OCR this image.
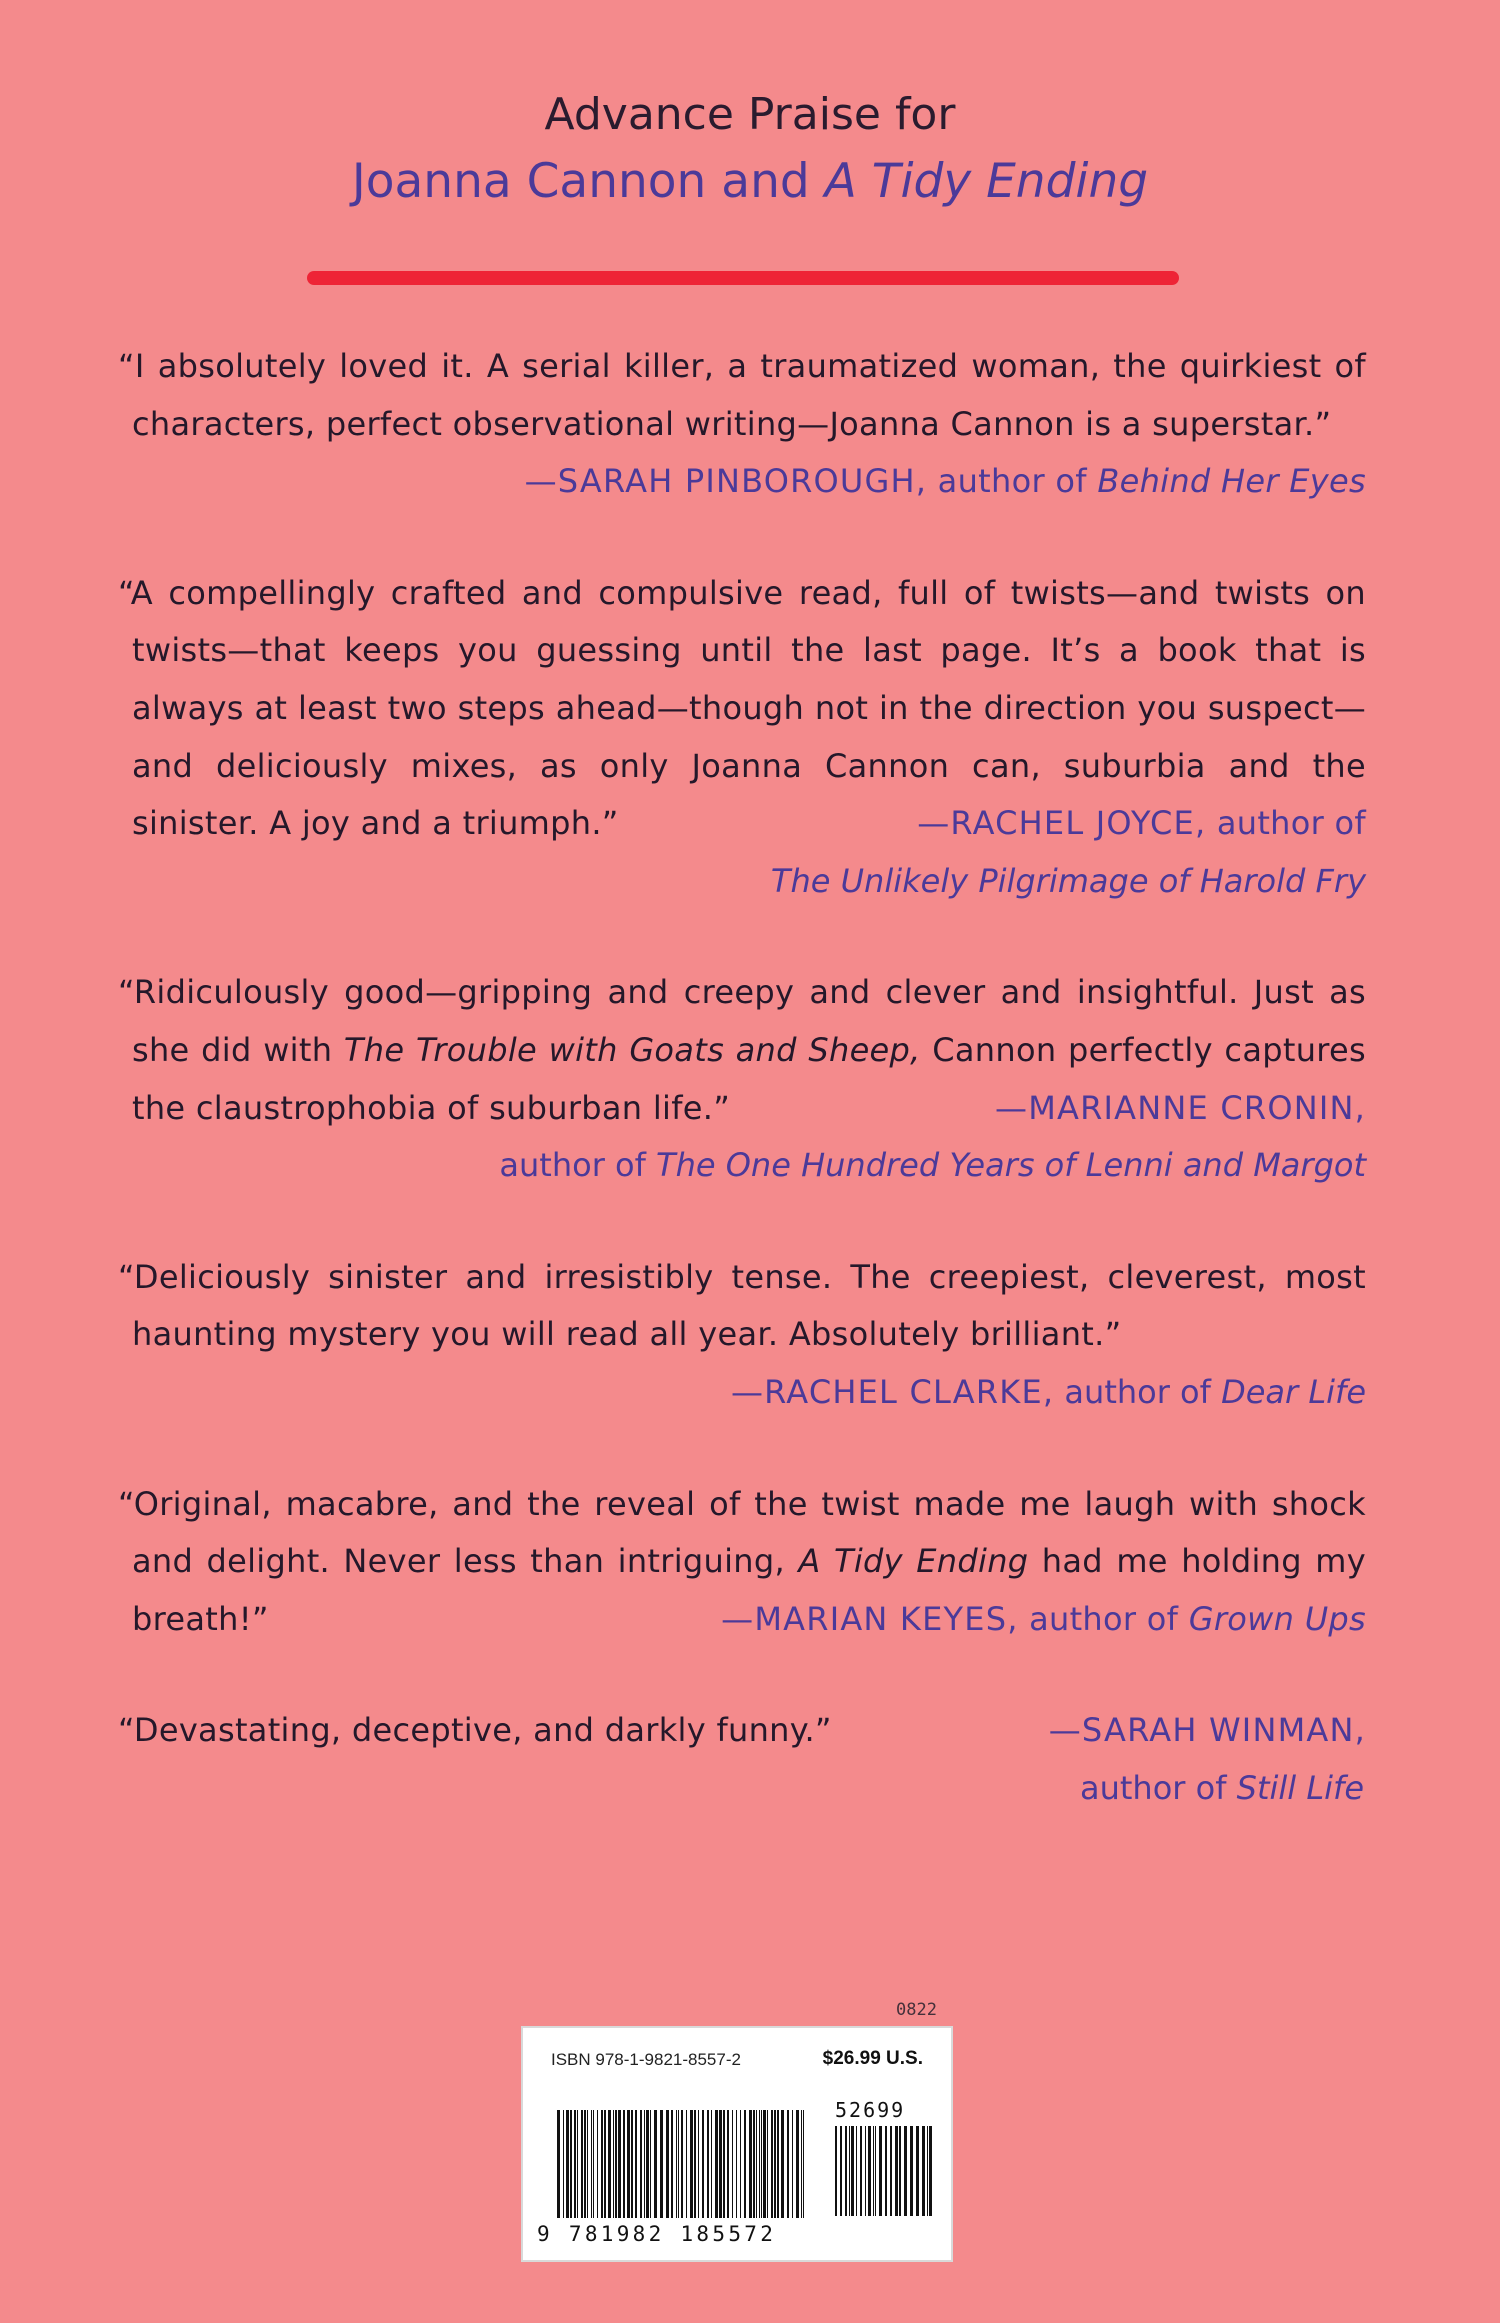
Advance Praise for
Joanna Cannon and A Tidy Ending
“I absolutely loved it. A serial killer, a traumatized woman, the quirkiest of characters, perfect observational writing—Joanna Cannon is a superstar.”
—SARAH PINBOROUGH, author of Behind Her Eyes
“A compellingly crafted and compulsive read, full of twists—and twists on twists—that keeps you guessing until the last page. It’s a book that is always at least two steps ahead—though not in the direction you suspect—and deliciously mixes, as only Joanna Cannon can, suburbia and the sinister. A joy and a triumph.”	—RACHEL JOYCE, author of
The Unlikely Pilgrimage of Harold Fry
“Ridiculously good—gripping and creepy and clever and insightful. Just as she did with The Trouble with Goats and Sheep, Cannon perfectly captures the claustrophobia of suburban life.”	—MARIANNE CRONIN,
author of The One Hundred Years of Lenni and Margot
“Deliciously sinister and irresistibly tense. The creepiest, cleverest, most haunting mystery you will read all year. Absolutely brilliant.”
—RACHEL CLARKE, author of Dear Life
“Original, macabre, and the reveal of the twist made me laugh with shock and delight. Never less than intriguing, A Tidy Ending had me holding my breath!”	—MARIAN KEYES, author of Grown Ups
“Devastating, deceptive, and darkly funny.”	—SARAH WINMAN,
author of Still Life
0822
ISBN 978-1-9821-8557-2	$26.99 U.S.
52699
9 781982 185572
